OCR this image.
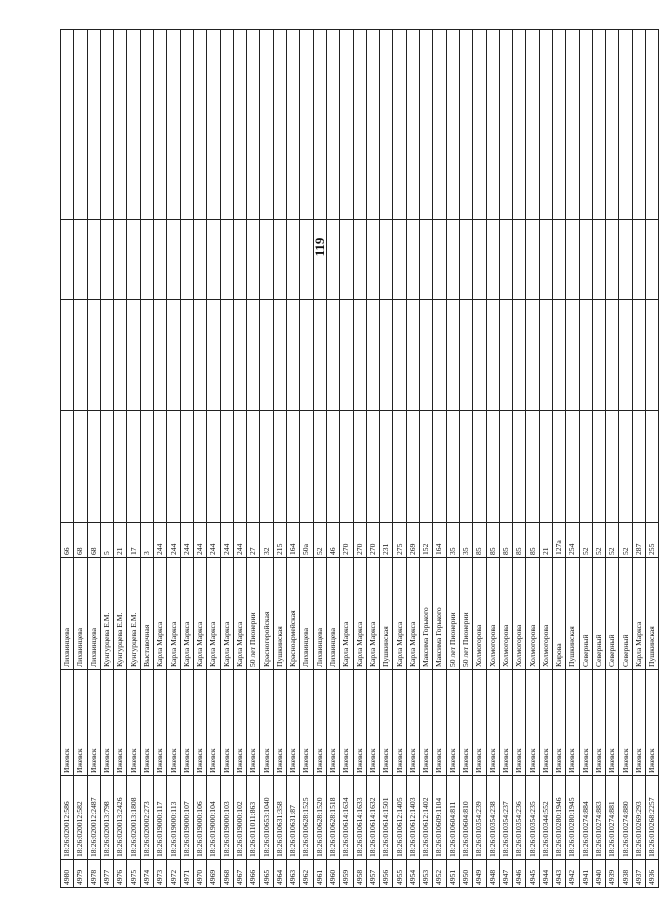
119
4980	18:26:020012:586	Ижевск	Лихвинцева	66				
4979	18:26:020012:582	Ижевск	Лихвинцева	68				
4978	18:26:020012:2487	Ижевск	Лихвинцева	68				
4977	18:26:020013:798	Ижевск	Кунгурцева Е.М.	5				
4976	18:26:020013:2426	Ижевск	Кунгурцева Е.М.	21				
4975	18:26:020013:1808	Ижевск	Кунгурцева Е.М.	17				
4974	18:26:020002:273	Ижевск	Выставочная	3				
4973	18:26:019000:117	Ижевск	Карла Маркса	244				
4972	18:26:019000:113	Ижевск	Карла Маркса	244				
4971	18:26:019000:107	Ижевск	Карла Маркса	244				
4970	18:26:019000:106	Ижевск	Карла Маркса	244				
4969	18:26:019000:104	Ижевск	Карла Маркса	244				
4968	18:26:019000:103	Ижевск	Карла Маркса	244				
4967	18:26:019000:102	Ижевск	Карла Маркса	244				
4966	18:26:011011:863	Ижевск	50 лет Пионерии	27				
4965	18:26:010653:1040	Ижевск	Красногеройская	32				
4964	18:26:010631:358	Ижевск	Пушкинская	215				
4963	18:26:010631:87	Ижевск	Красноармейская	164				
4962	18:26:010628:1525	Ижевск	Лихвинцева	50а				
4961	18:26:010628:1520	Ижевск	Лихвинцева	52				
4960	18:26:010628:1518	Ижевск	Лихвинцева	46				
4959	18:26:010614:1634	Ижевск	Карла Маркса	270				
4958	18:26:010614:1633	Ижевск	Карла Маркса	270				
4957	18:26:010614:1632	Ижевск	Карла Маркса	270				
4956	18:26:010614:1501	Ижевск	Пушкинская	231				
4955	18:26:010612:1405	Ижевск	Карла Маркса	275				
4954	18:26:010612:1403	Ижевск	Карла Маркса	269				
4953	18:26:010612:1402	Ижевск	Максима Горького	152				
4952	18:26:010609:1104	Ижевск	Максима Горького	164				
4951	18:26:010604:811	Ижевск	50 лет Пионерии	35				
4950	18:26:010604:810	Ижевск	50 лет Пионерии	35				
4949	18:26:010354:239	Ижевск	Холмогорова	85				
4948	18:26:010354:238	Ижевск	Холмогорова	85				
4947	18:26:010354:237	Ижевск	Холмогорова	85				
4946	18:26:010354:236	Ижевск	Холмогорова	85				
4945	18:26:010354:235	Ижевск	Холмогорова	85				
4944	18:26:010344:552	Ижевск	Холмогорова	21				
4943	18:26:010280:1946	Ижевск	Кирова	127а				
4942	18:26:010280:1945	Ижевск	Пушкинская	254				
4941	18:26:010274:884	Ижевск	Северный	52				
4940	18:26:010274:883	Ижевск	Северный	52				
4939	18:26:010274:881	Ижевск	Северный	52				
4938	18:26:010274:880	Ижевск	Северный	52				
4937	18:26:010269:293	Ижевск	Карла Маркса	287				
4936	18:26:010268:2257	Ижевск	Пушкинская	255				
